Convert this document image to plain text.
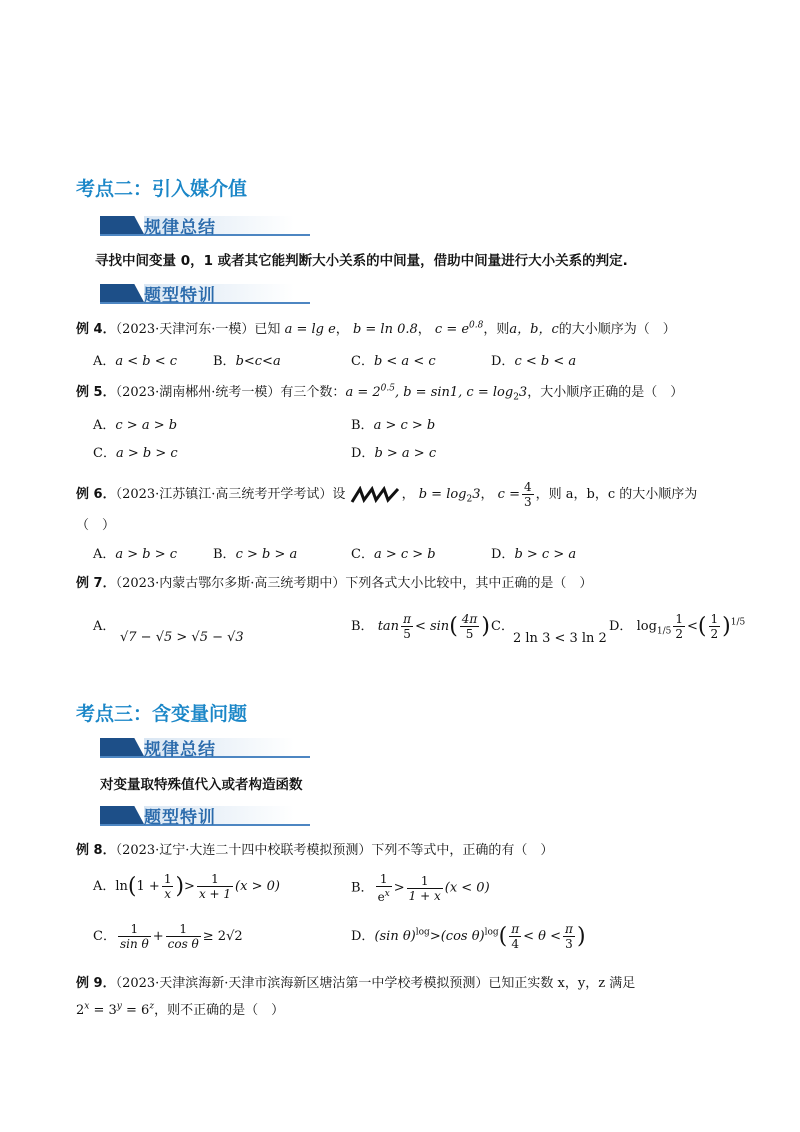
考点二：引入媒介值
规律总结
寻找中间变量 0，1 或者其它能判断大小关系的中间量，借助中间量进行大小关系的判定.
题型特训
例 4．（2023·天津河东·一模）已知 a = lg e， b = ln 0.8， $c = e^{0.8}$，则a，b，c的大小顺序为（　）
A．a < b < c	B．b<c<a	C．b < a < c	D．c < b < a
例 5．（2023·湖南郴州·统考一模）有三个数：$a = 2^{0.5}$, b = sin1, $c = \log_23$，大小顺序正确的是（　）
A．c > a > b	B．a > c > b
C．a > b > c	D．b > a > c
例 6．（2023·江苏镇江·高三统考开学考试）设	， $b = \log_23$， $c = \frac{4}{3}$ ，则 a，b，c 的大小顺序为
（　）
A．a > b > c	B．c > b > a	C．a > c > b	D．b > c > a
例 7．（2023·内蒙古鄂尔多斯·高三统考期中）下列各式大小比较中，其中正确的是（　）
A．
√7 − √5 > √5 − √3
B． $\tan \frac{\pi}{5} < \sin( \frac{4\pi}{5}$ ) C．
2 ln 3 < 3 ln 2
D． $\log_{1/5} \frac{1}{2}$ <( $\frac{1}{2} )^{1/5}$
考点三：含变量问题
规律总结
对变量取特殊值代入或者构造函数
题型特训
例 8．（2023·辽宁·大连二十四中校联考模拟预测）下列不等式中，正确的有（　）
A．$\ln(1 + \frac{1}{x}$ )> $\frac{1}{x + 1} (x > 0)$	B． $\frac{1}{e^x} > \frac{1}{1 + x} (x < 0)$
C． $\frac{1}{\text{sin θ}} + \frac{1}{\text{cos θ}} \ge 2√2$	D．(sin θ)$^{log}$>(cos $\theta)^{log}( \frac{\pi}{4} < \theta < \frac{\pi}{3}$ )
例 9．（2023·天津滨海新·天津市滨海新区塘沽第一中学校考模拟预测）已知正实数 x，y，z 满足
$2^x = 3^y = 6^z$，则不正确的是（　）
